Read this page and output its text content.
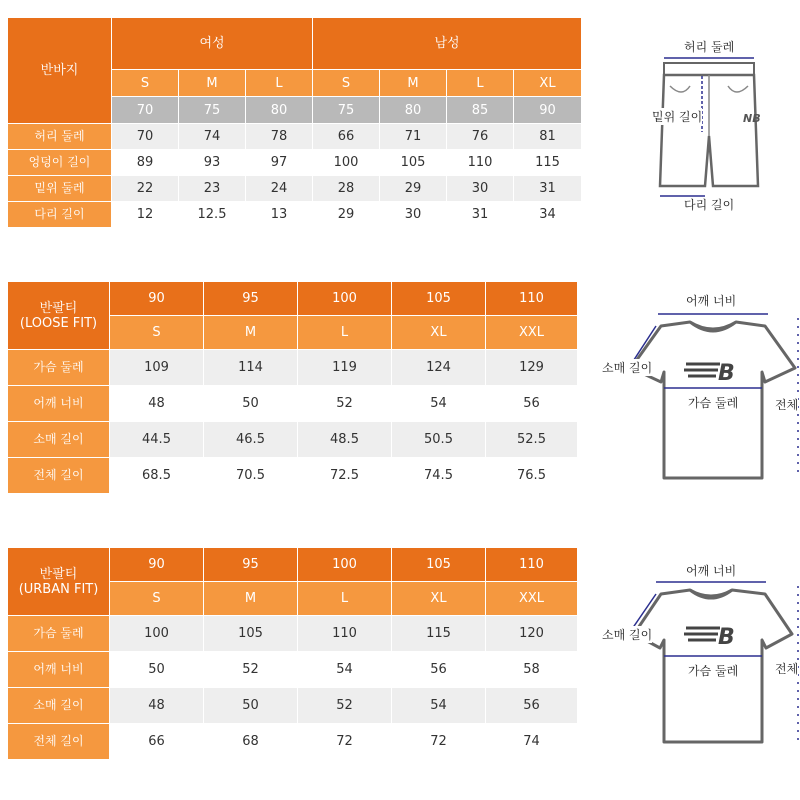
반바지
여성	남성
S	M	L	S	M	L	XL
70	75	80	75	80	85	90
허리 둘레	70	74	78	66	71	76	81
엉덩이 길이	89	93	97	100	105	110	115
밑위 둘레	22	23	24	28	29	30	31
다리 길이	12	12.5	13	29	30	31	34
허리 둘레
NB
밑위 길이
다리 길이
반팔티
(LOOSE FIT)
90	95	100	105	110
S	M	L	XL	XXL
가슴 둘레	109	114	119	124	129
어깨 너비	48	50	52	54	56
소매 길이	44.5	46.5	48.5	50.5	52.5
전체 길이	68.5	70.5	72.5	74.5	76.5
어깨 너비
B
소매 길이
가슴 둘레	전체
반팔티
(URBAN FIT)
90	95	100	105	110
S	M	L	XL	XXL
가슴 둘레	100	105	110	115	120
어깨 너비	50	52	54	56	58
소매 길이	48	50	52	54	56
전체 길이	66	68	72	72	74
어깨 너비
B
소매 길이
가슴 둘레	전체
